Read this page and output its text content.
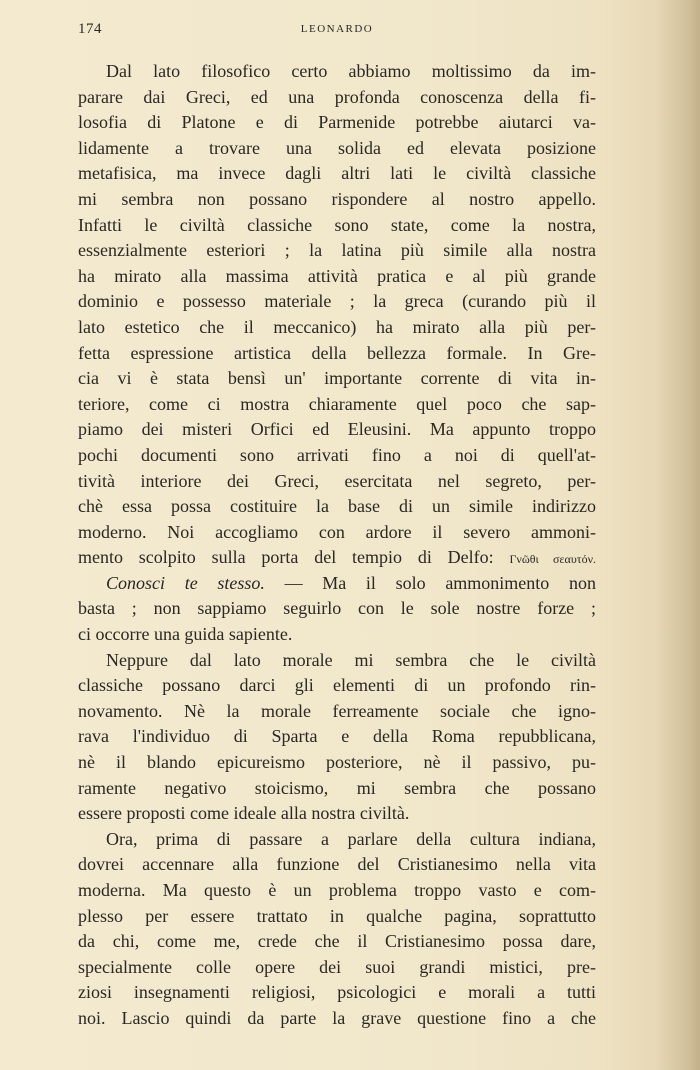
174	LEONARDO
Dal lato filosofico certo abbiamo moltissimo da im-
parare dai Greci, ed una profonda conoscenza della fi-
losofia di Platone e di Parmenide potrebbe aiutarci va-
lidamente a trovare una solida ed elevata posizione
metafisica, ma invece dagli altri lati le civiltà classiche
mi sembra non possano rispondere al nostro appello.
Infatti le civiltà classiche sono state, come la nostra,
essenzialmente esteriori ; la latina più simile alla nostra
ha mirato alla massima attività pratica e al più grande
dominio e possesso materiale ; la greca (curando più il
lato estetico che il meccanico) ha mirato alla più per-
fetta espressione artistica della bellezza formale. In Gre-
cia vi è stata bensì un' importante corrente di vita in-
teriore, come ci mostra chiaramente quel poco che sap-
piamo dei misteri Orfici ed Eleusini. Ma appunto troppo
pochi documenti sono arrivati fino a noi di quell'at-
tività interiore dei Greci, esercitata nel segreto, per-
chè essa possa costituire la base di un simile indirizzo
moderno. Noi accogliamo con ardore il severo ammoni-
mento scolpito sulla porta del tempio di Delfo: Γνῶθι σεαυτόν.
Conosci te stesso. — Ma il solo ammonimento non
basta ; non sappiamo seguirlo con le sole nostre forze ;
ci occorre una guida sapiente.
Neppure dal lato morale mi sembra che le civiltà
classiche possano darci gli elementi di un profondo rin-
novamento. Nè la morale ferreamente sociale che igno-
rava l'individuo di Sparta e della Roma repubblicana,
nè il blando epicureismo posteriore, nè il passivo, pu-
ramente negativo stoicismo, mi sembra che possano
essere proposti come ideale alla nostra civiltà.
Ora, prima di passare a parlare della cultura indiana,
dovrei accennare alla funzione del Cristianesimo nella vita
moderna. Ma questo è un problema troppo vasto e com-
plesso per essere trattato in qualche pagina, soprattutto
da chi, come me, crede che il Cristianesimo possa dare,
specialmente colle opere dei suoi grandi mistici, pre-
ziosi insegnamenti religiosi, psicologici e morali a tutti
noi. Lascio quindi da parte la grave questione fino a che
